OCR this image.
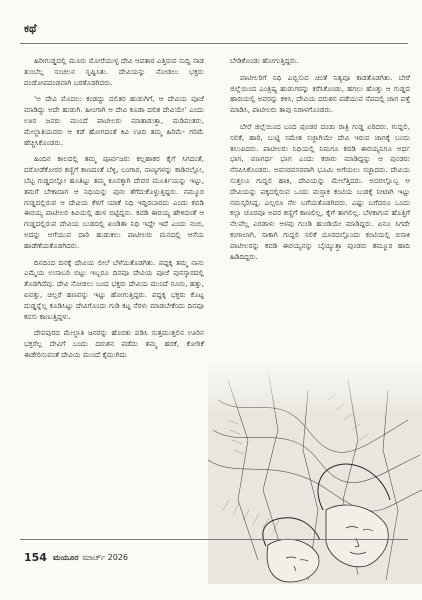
ಕಥೆ

ಹಿರೀಗುಡ್ಡದಲ್ಲಿ ಮೂರು ಮೋರೆಯುಳ್ಳ ದೇವಿ ಆವತಾರ ಎತ್ತಿರುವ ಸುದ್ದಿ ನಾಡ ತುಂಬೆಲ್ಲ ಸಂಚಲನ ಸೃಷ್ಟಿಸಿತು. ದೇವಿಯನ್ನು ನೋಡಲು ಭಕ್ತರು ದಂಡೋಪದಂಡವಾಗಿ ಬರತೊಡಗಿದರು.

‘ಅ ದೇವಿ ಮೊದಲು ಕಂಡದ್ದು ದಲಿತರ ಹುಡುಗಿಗೆ, ಆ ದೇವಿಯ ಪೂಜೆ ಮಾಡಿದ್ದು ಅದೇ ಹುಡುಗಿ. ಹೀಂಗಾಗಿ ಆ ದೇವಿ ಕೂಡಾ ದಲಿತ ದೇವಿಯೇ’ ಎಂದು ಊರ ಜನರು ಮುಂದೆ ಪಾಟೀಲರು ಮಾತಾಡುತ್ತಾ, ಮಡಿವಂತರು, ಮೇಲ್ಜಾತಿಯವರು ಆ ಕಡೆ ಹೋಗದಂತೆ ಕಿವಿ ಊದಿ ತಮ್ಮ ಹಿರಿಮೆ- ಗರಿಮೆ ಹೆಚ್ಚಿಸಿಕೊಂಡರು.

ಹಿಂದಿನ ಕಾಲದಲ್ಲಿ ತಮ್ಮ ಪೂರ್ವಜರು ಕಲ್ಲಹಾಕರ ಕೈಗೆ ಸಿಗದಂತೆ, ದರೋಡೆಕೋರರ ಕಣ್ಣಿಗೆ ಕಾಣದಂತೆ ಬೆಳ್ಳಿ, ಬಂಗಾರ, ನಾಣ್ಯಗಳನ್ನು ಕಾಡಿನಲ್ಲೋ, ಬೆಟ್ಟ ಗುಡ್ಡದಲ್ಲೋ ಹೂತಿಟ್ಟು ತಮ್ಮ ಕೂನಕ್ಕಾಗಿ ದೇವರ ಮೂರ್ತಿಯನ್ನು ಇಟ್ಟು, ತಮಗೆ ಬೇಕಾದಾಗ ಆ ನಿಧಿಯನ್ನು ಪುನಃ ತೆಗೆದುಕೊಳ್ಳುತ್ತಿದ್ದರು. ನಮ್ಮೂರ ಗುಡ್ಡದಲ್ಲಿರುವ ಆ ದೇವಿಯ ಕೆಳಗೆ ಯಾಕೆ ನಿಧಿ ಇದ್ದಿರಬಾರದು ಎಂದು ಕವಡಿ ಈರಯ್ಯ ಪಾಟೀಲರ ಕಿವಿಯಲ್ಲಿ ಹುಳ ಬಿಟ್ಟಿದ್ದನು. ಕವಡಿ ಈರಯ್ಯ ಹೇಳಿದಂತೆ ಆ ಗುಡ್ಡದಲ್ಲಿರುವ ದೇವಿಯ ಬುಡದಲ್ಲಿ ಖಂಡಿತಾ ನಿಧಿ ಇದ್ದೇ ಇದೆ ಎಂದು ನಂಬಿ, ಅದನ್ನು ಅಗೆಯುವ ದಾರಿ ಹುಡುಕಲು ಪಾಟೀಲರು ಮನದಲ್ಲಿ ಆಸೆಯ ಹಾಡೆಣೆಯತೊಡಗಿದರು.

ದಿನದಿಂದ ದಿನಕ್ಕೆ ದೇವಿಯ ಲೀಲೆ ಬೆಳೆಯತೊಡಗಿತು. ಪದ್ದಕ್ಕ ತಮ್ಮ ನಾನು ಎಮ್ಮೆಯ ಉಸಾಬರಿ ಬಿಟ್ಟು ಇಬ್ಬರೂ ದಿನವೂ ದೇವಿಯ ಪೂಜೆ ಪುನಸ್ಕಾರದಲ್ಲಿ ತೊಡಗಿದೆವು. ದೇವಿ ನೋಡಲು ಬಂದ ಭಕ್ತರು ದೇವಿಯ ಮುಂದೆ ನೂರು, ಹತ್ತು, ಐವತ್ತು, ಚಿಲ್ಲರೆ ಹಣವನ್ನು ಇಟ್ಟು ಹೋಗುತ್ತಿದ್ದರು. ಪದ್ದಕ್ಕ ಭಕ್ತರು ಕೊಟ್ಟ ದುಡ್ಡನ್ನೆಲ್ಲ ಕೂಡಿಸಿಟ್ಟು ದೇವಿಗೊಂದು ಗುಡಿ ಕಟ್ಟ ನೆರಳು ಮಾಡಬೇಕೆಂದು ದಿನವೂ ಕನಸು ಕಾಣುತ್ತಿದ್ದಳು.

ದೇವಪುರದ ಮೇಲ್ಜಾತಿ ಜನರನ್ನು ಹೊರತು ಪಡಿಸಿ ಸುತ್ತಮುತ್ತಲಿನ ಊರಿನ ಭಕ್ತರೆಲ್ಲ ದೇವಿಗೆ ಬಂದು ದರುಶನ ಪಡೆದು ತಮ್ಮ ಹರಕೆ, ಕೋರಿಕೆ ಈಡೇರಿಸುವಂತೆ ದೇವಿಯ ಮುಂದೆ ಕೈಮುಗಿದು

ಬೇಡಿಕೊಂಡು ಹೋಗುತ್ತಿದ್ದರು.

ಪಾಟೀಲರಿಗೆ ನಿಧಿ ಎಬ್ಬಿಸುವ ಚಿಂತೆ ನಿತ್ಯವೂ ಕಾಡತೊಡಗಿತು. ಬೇರೆ ಜಿಲ್ಲೆಯಿಂದ ಎಂತ್ರಿಷ್ಯ ಹುಡುಗರನ್ನು ಕರೆಸಿಕೊಂಡು, ಹಗಲು ಹೊತ್ತು ಆ ಗುಡ್ಡದ ಹಾದಿಯಲ್ಲಿ ಅವರನ್ನು ಕಳಿಸಿ, ದೇವಿಯ ದರುಶನ ಪಡೆಯುವ ನೆಪದಲ್ಲಿ ಜಾಗ ಪತ್ತೆ ಮಾಡಿಸಿ, ಪಾಟೀಲರು ತಾವು ನಿರಾಳಗೊಂಡರು.

ಬೇರೆ ಜಿಲ್ಲೆಯಿಂದ ಬಂದ ಪುಂಡರ ದಂಡು ರಾತ್ರಿ ಗುಡ್ಡ ಏರಿದರು. ಗುದ್ದಲಿ, ಸಲಿಕೆ, ಹಾರಿ, ಬುಟ್ಟಿ ಸಮೇತ ಸಜ್ಜಾಗಿಯೇ ದೇವಿ ಇರುವ ಜಾಗಕ್ಕೆ ಬಂದು ತಲುಪಿದರು. ಪಾಟೀಲರು ನಿಧಿಯಲ್ಲಿ ನಿಮಗೂ ಕವಡಿ ಈರಯ್ಯನಿಗೂ ಅರ್ಧ ಭಾಗ, ಪಣಗರ್ಧ ಭಾಗ ಎಂದು ಕರಾರು ಮಾಡಿದ್ದನ್ನು ಆ ಪುಂಡರು ನೆನಪಿಸಿಕೊಂಡರು. ಅವಸರವಸರವಾಗಿ ಭೂಮಿ ಅಗೆಯಲು ಸಜ್ಜಾದರು. ದೇವಿಯ ಸುತ್ತಲೂ ಗುದ್ದಲಿ ಹಾಕಿ, ದೇವಿಯನ್ನು ಮೇಲೆತ್ತಿದರು. ಅದರಲ್ಲೊಬ್ಬ ಆ ದೇವಿಯನ್ನು ಪಕ್ಕದಲ್ಲಿರುವ ಒಂದು ಮಸ್ತಾಕ ಕಂಟಿಯ ಬುಡಕ್ಕೆ ನೀಟಾಗಿ ಇಟ್ಟು ನಮಸ್ಕರಿಸಿದ್ದ. ಎಲ್ಲರೂ ನೆಲ ಬಗೆಯತೊಡಗಿದರು. ಎಷ್ಟು ಬಗೆದರೂ ಒಂದು ಕಲ್ಲಾ ಚೂರವೂ ಅವರ ಕಣ್ಣಿಗೆ ಕಾಣಲಿಲ್ಲ, ಕೈಗೆ ತಾಗಲಿಲ್ಲ. ಬೆಳಕಾಗುವ ಹೊತ್ತಿಗೆ ನೆಲವೆಲ್ಲ ಎರಡಾಳು ಆಳವು ಗುಂಡಿ ಹುಂಡಿಯೇ ಮಾಡಿದ್ದರು. ಏನೂ ಸಿಗದೇ ಕಂಗಾಲಾಗಿ, ಸಾಕಾಗಿ ಗುದ್ದಲಿ ಸಲಿಕೆ ದೂರದಲ್ಲೊಂದು ಕಂಟಿಯಲ್ಲಿ ಬಿಸಾಕಿ ಪಾಟೀಲರನ್ನು ಕವಡಿ ಈರಯ್ಯನನ್ನು ಬೈಯ್ಯುತ್ತಾ ಪುಂಡರು ತಮ್ಮೂರ ಹಾದಿ ಹಿಡಿದಿದ್ದರು.

154 ಮಯೂರ ಮಾರ್ಚ್ 2026
